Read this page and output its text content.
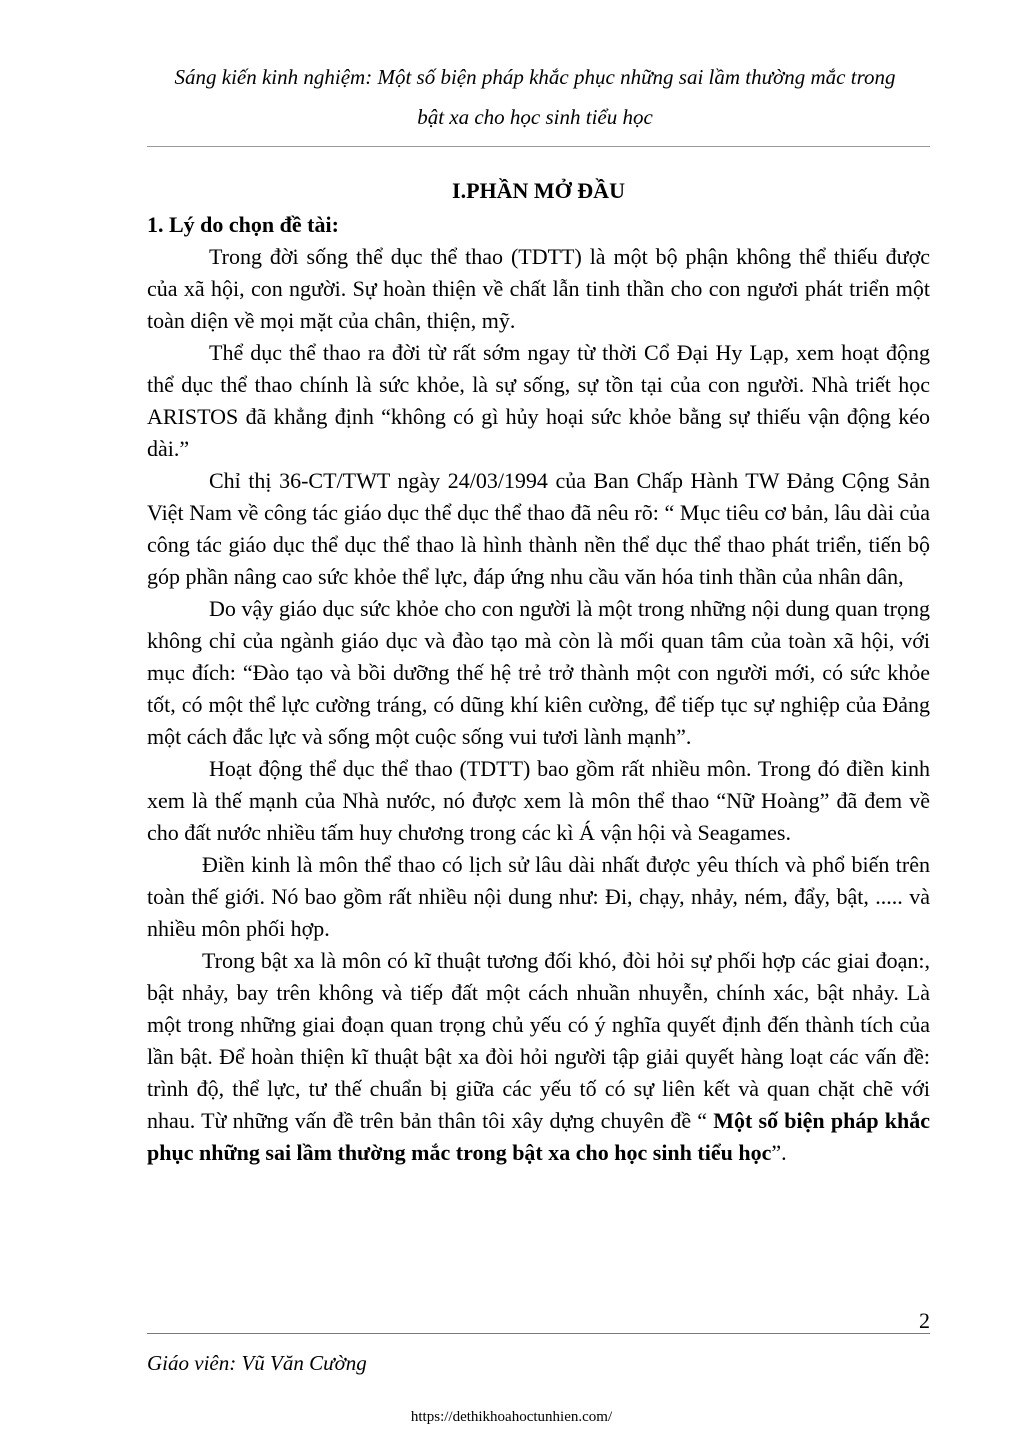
Sáng kiến kinh nghiệm: Một số biện pháp khắc phục những sai lầm thường mắc trong
bật xa cho học sinh tiểu học

I.PHẦN MỞ ĐẦU

1. Lý do chọn đề tài:

Trong đời sống thể dục thể thao (TDTT) là một bộ phận không thể thiếu được của xã hội, con người. Sự hoàn thiện về chất lẫn tinh thần cho con ngươi phát triển một toàn diện về mọi mặt của chân, thiện, mỹ.

Thể dục thể thao ra đời từ rất sớm ngay từ thời Cổ Đại Hy Lạp, xem hoạt động thể dục thể thao chính là sức khỏe, là sự sống, sự tồn tại của con người. Nhà triết học ARISTOS đã khẳng định “không có gì hủy hoại sức khỏe bằng sự thiếu vận động kéo dài.”

Chỉ thị 36-CT/TWT ngày 24/03/1994 của Ban Chấp Hành TW Đảng Cộng Sản Việt Nam về công tác giáo dục thể dục thể thao đã nêu rõ: “ Mục tiêu cơ bản, lâu dài của công tác giáo dục thể dục thể thao là hình thành nền thể dục thể thao phát triển, tiến bộ góp phần nâng cao sức khỏe thể lực, đáp ứng nhu cầu văn hóa tinh thần của nhân dân,

Do vậy giáo dục sức khỏe cho con người là một trong những nội dung quan trọng không chỉ của ngành giáo dục và đào tạo mà còn là mối quan tâm của toàn xã hội, với mục đích: “Đào tạo và bồi dưỡng thế hệ trẻ trở thành một con người mới, có sức khỏe tốt, có một thể lực cường tráng, có dũng khí kiên cường, để tiếp tục sự nghiệp của Đảng một cách đắc lực và sống một cuộc sống vui tươi lành mạnh”.

Hoạt động thể dục thể thao (TDTT) bao gồm rất nhiều môn. Trong đó điền kinh xem là thế mạnh của Nhà nước, nó được xem là môn thể thao “Nữ Hoàng” đã đem về cho đất nước nhiều tấm huy chương trong các kì Á vận hội và Seagames.

Điền kinh là môn thể thao có lịch sử lâu dài nhất được yêu thích và phổ biến trên toàn thế giới. Nó bao gồm rất nhiều nội dung như: Đi, chạy, nhảy, ném, đẩy, bật, ..... và nhiều môn phối hợp.

Trong bật xa là môn có kĩ thuật tương đối khó, đòi hỏi sự phối hợp các giai đoạn:, bật nhảy, bay trên không và tiếp đất một cách nhuần nhuyễn, chính xác, bật nhảy. Là một trong những giai đoạn quan trọng chủ yếu có ý nghĩa quyết định đến thành tích của lần bật. Để hoàn thiện kĩ thuật bật xa đòi hỏi người tập giải quyết hàng loạt các vấn đề: trình độ, thể lực, tư thế chuẩn bị giữa các yếu tố có sự liên kết và quan chặt chẽ với nhau. Từ những vấn đề trên bản thân tôi xây dựng chuyên đề “ Một số biện pháp khắc phục những sai lầm thường mắc trong bật xa cho học sinh tiểu học”.

2
Giáo viên: Vũ Văn Cường
https://dethikhoahoctunhien.com/
